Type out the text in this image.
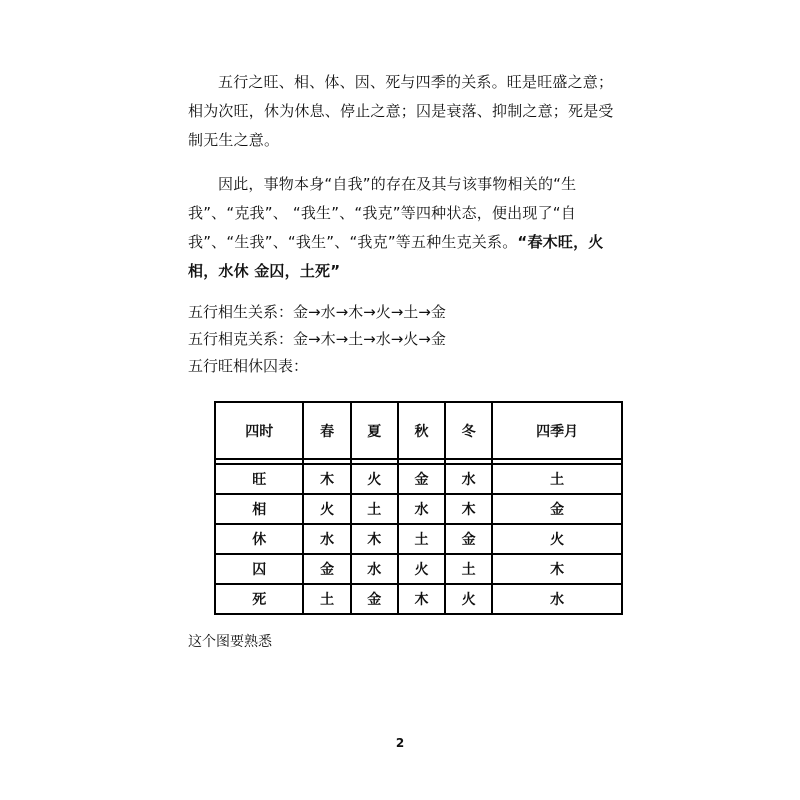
五行之旺、相、体、因、死与四季的关系。旺是旺盛之意；相为次旺，休为休息、停止之意；囚是衰落、抑制之意；死是受制无生之意。

因此，事物本身“自我”的存在及其与该事物相关的“生我”、“克我”、 “我生”、“我克”等四种状态，便出现了“自我”、“生我”、“我生”、“我克”等五种生克关系。“春木旺，火相，水休 金囚，土死”

五行相生关系：金→水→木→火→土→金

五行相克关系：金→木→土→水→火→金

五行旺相休囚表：

四时	春	夏	秋	冬	四季月

旺	木	火	金	水	土
相	火	土	水	木	金
休	水	木	土	金	火
囚	金	水	火	土	木
死	土	金	木	火	水

这个图要熟悉

2
